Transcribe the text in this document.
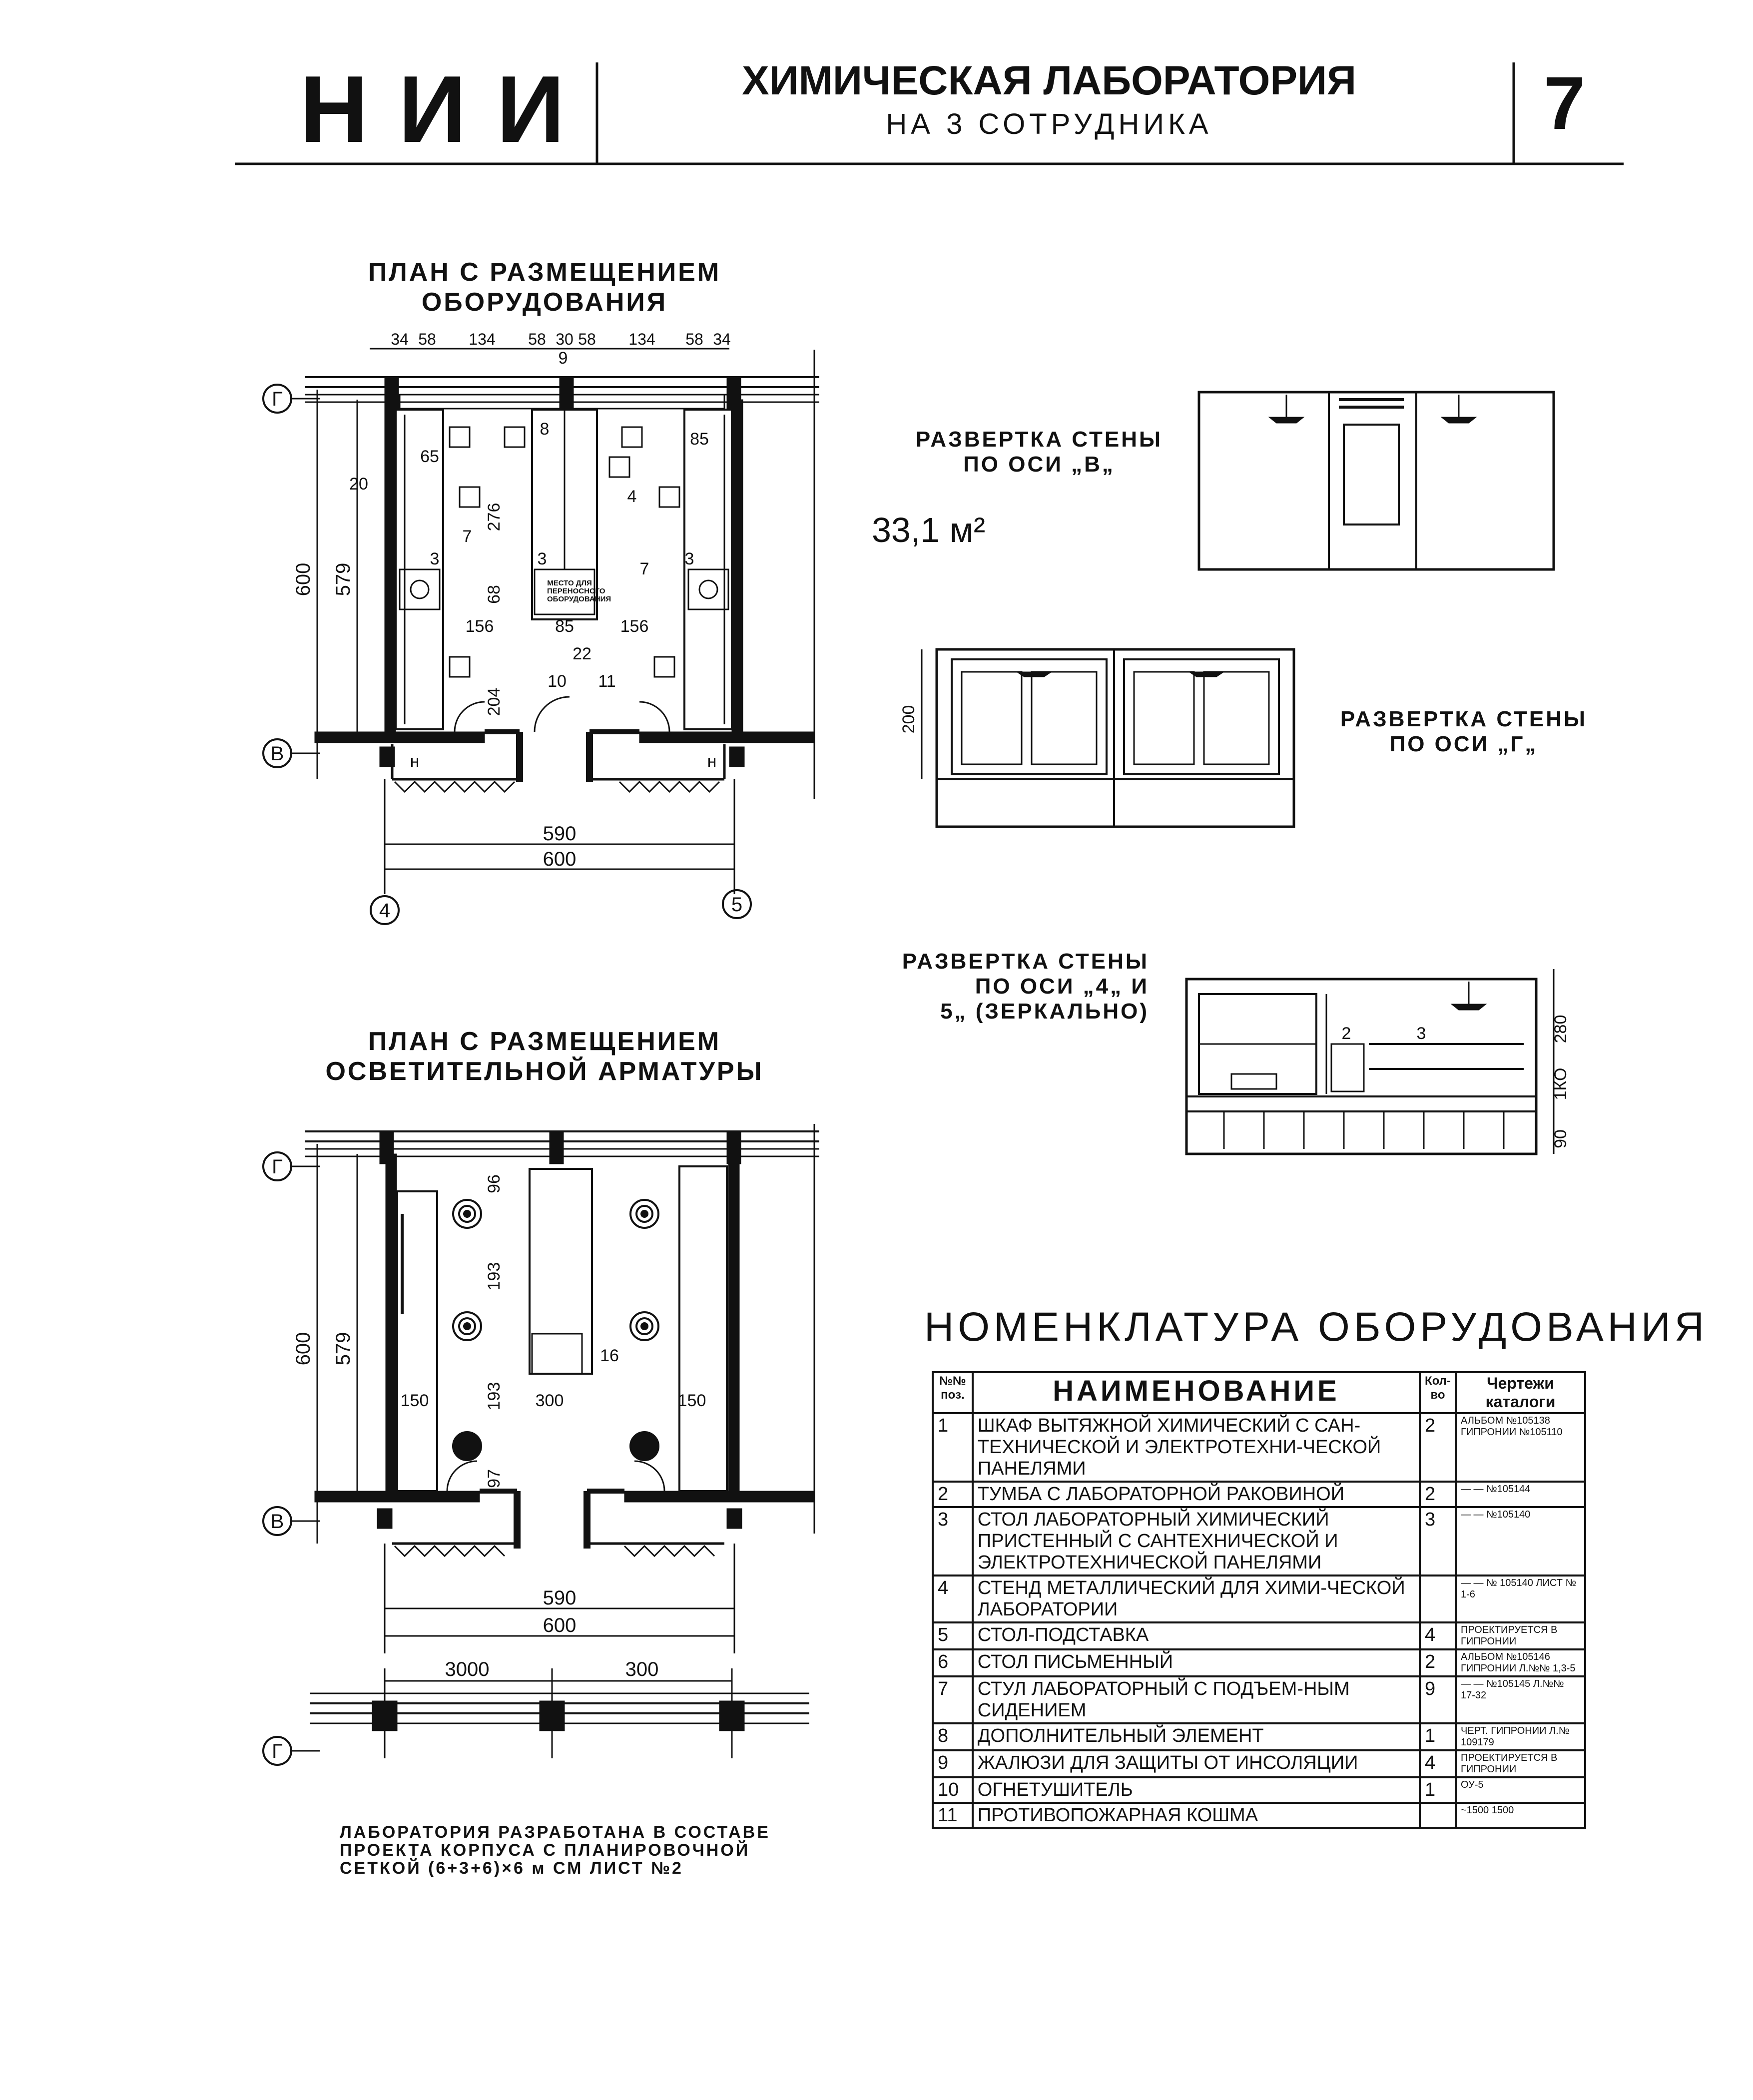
НИИ	ХИМИЧЕСКАЯ ЛАБОРАТОРИЯ
НА 3 СОТРУДНИКА	7
33,1 м²
Г
В
4	5
590
600
600 579
34 58 134 58 30 58 134 58 34
156	85	156
22
204
68
276
65
85
20
9
8
4
7
7
3	3	3
10 11
н	н
Г
В
590
600
600 579
96
193
193
97
150	300	150
16
3000	300
Г
200
280
1КО
90
2	3
ПЛАН С РАЗМЕЩЕНИЕМ
ОБОРУДОВАНИЯ
ПЛАН С РАЗМЕЩЕНИЕМ
ОСВЕТИТЕЛЬНОЙ АРМАТУРЫ
РАЗВЕРТКА СТЕНЫ
ПО ОСИ „В„
РАЗВЕРТКА СТЕНЫ
ПО ОСИ „Г„
РАЗВЕРТКА СТЕНЫ
ПО ОСИ „4„ И
5„ (ЗЕРКАЛЬНО)
МЕСТО ДЛЯ ПЕРЕНОСНОГО ОБОРУДОВАНИЯ
НОМЕНКЛАТУРА ОБОРУДОВАНИЯ
№№ поз.	НАИМЕНОВАНИЕ	Кол-во	Чертежи каталоги
1	ШКАФ ВЫТЯЖНОЙ ХИМИЧЕСКИЙ С САН-ТЕХНИЧЕСКОЙ И ЭЛЕКТРОТЕХНИ-ЧЕСКОЙ ПАНЕЛЯМИ	2	АЛЬБОМ №105138 ГИПРОНИИ №105110
2	ТУМБА С ЛАБОРАТОРНОЙ РАКОВИНОЙ	2	— — №105144
3	СТОЛ ЛАБОРАТОРНЫЙ ХИМИЧЕСКИЙ ПРИСТЕННЫЙ С САНТЕХНИЧЕСКОЙ И ЭЛЕКТРОТЕХНИЧЕСКОЙ ПАНЕЛЯМИ	3	— — №105140
4	СТЕНД МЕТАЛЛИЧЕСКИЙ ДЛЯ ХИМИ-ЧЕСКОЙ ЛАБОРАТОРИИ		— — № 105140 ЛИСТ № 1-6
5	СТОЛ-ПОДСТАВКА	4	ПРОЕКТИРУЕТСЯ В ГИПРОНИИ
6	СТОЛ ПИСЬМЕННЫЙ	2	АЛЬБОМ №105146 ГИПРОНИИ Л.№№ 1,3-5
7	СТУЛ ЛАБОРАТОРНЫЙ С ПОДЪЕМ-НЫМ СИДЕНИЕМ	9	— — №105145 Л.№№ 17-32
8	ДОПОЛНИТЕЛЬНЫЙ ЭЛЕМЕНТ	1	ЧЕРТ. ГИПРОНИИ Л.№ 109179
9	ЖАЛЮЗИ ДЛЯ ЗАЩИТЫ ОТ ИНСОЛЯЦИИ	4	ПРОЕКТИРУЕТСЯ В ГИПРОНИИ
10	ОГНЕТУШИТЕЛЬ	1	ОУ-5
11	ПРОТИВОПОЖАРНАЯ КОШМА		~1500 1500
ЛАБОРАТОРИЯ РАЗРАБОТАНА В СОСТАВЕ ПРОЕКТА КОРПУСА С ПЛАНИРОВОЧНОЙ СЕТКОЙ (6+3+6)×6 м СМ ЛИСТ №2
